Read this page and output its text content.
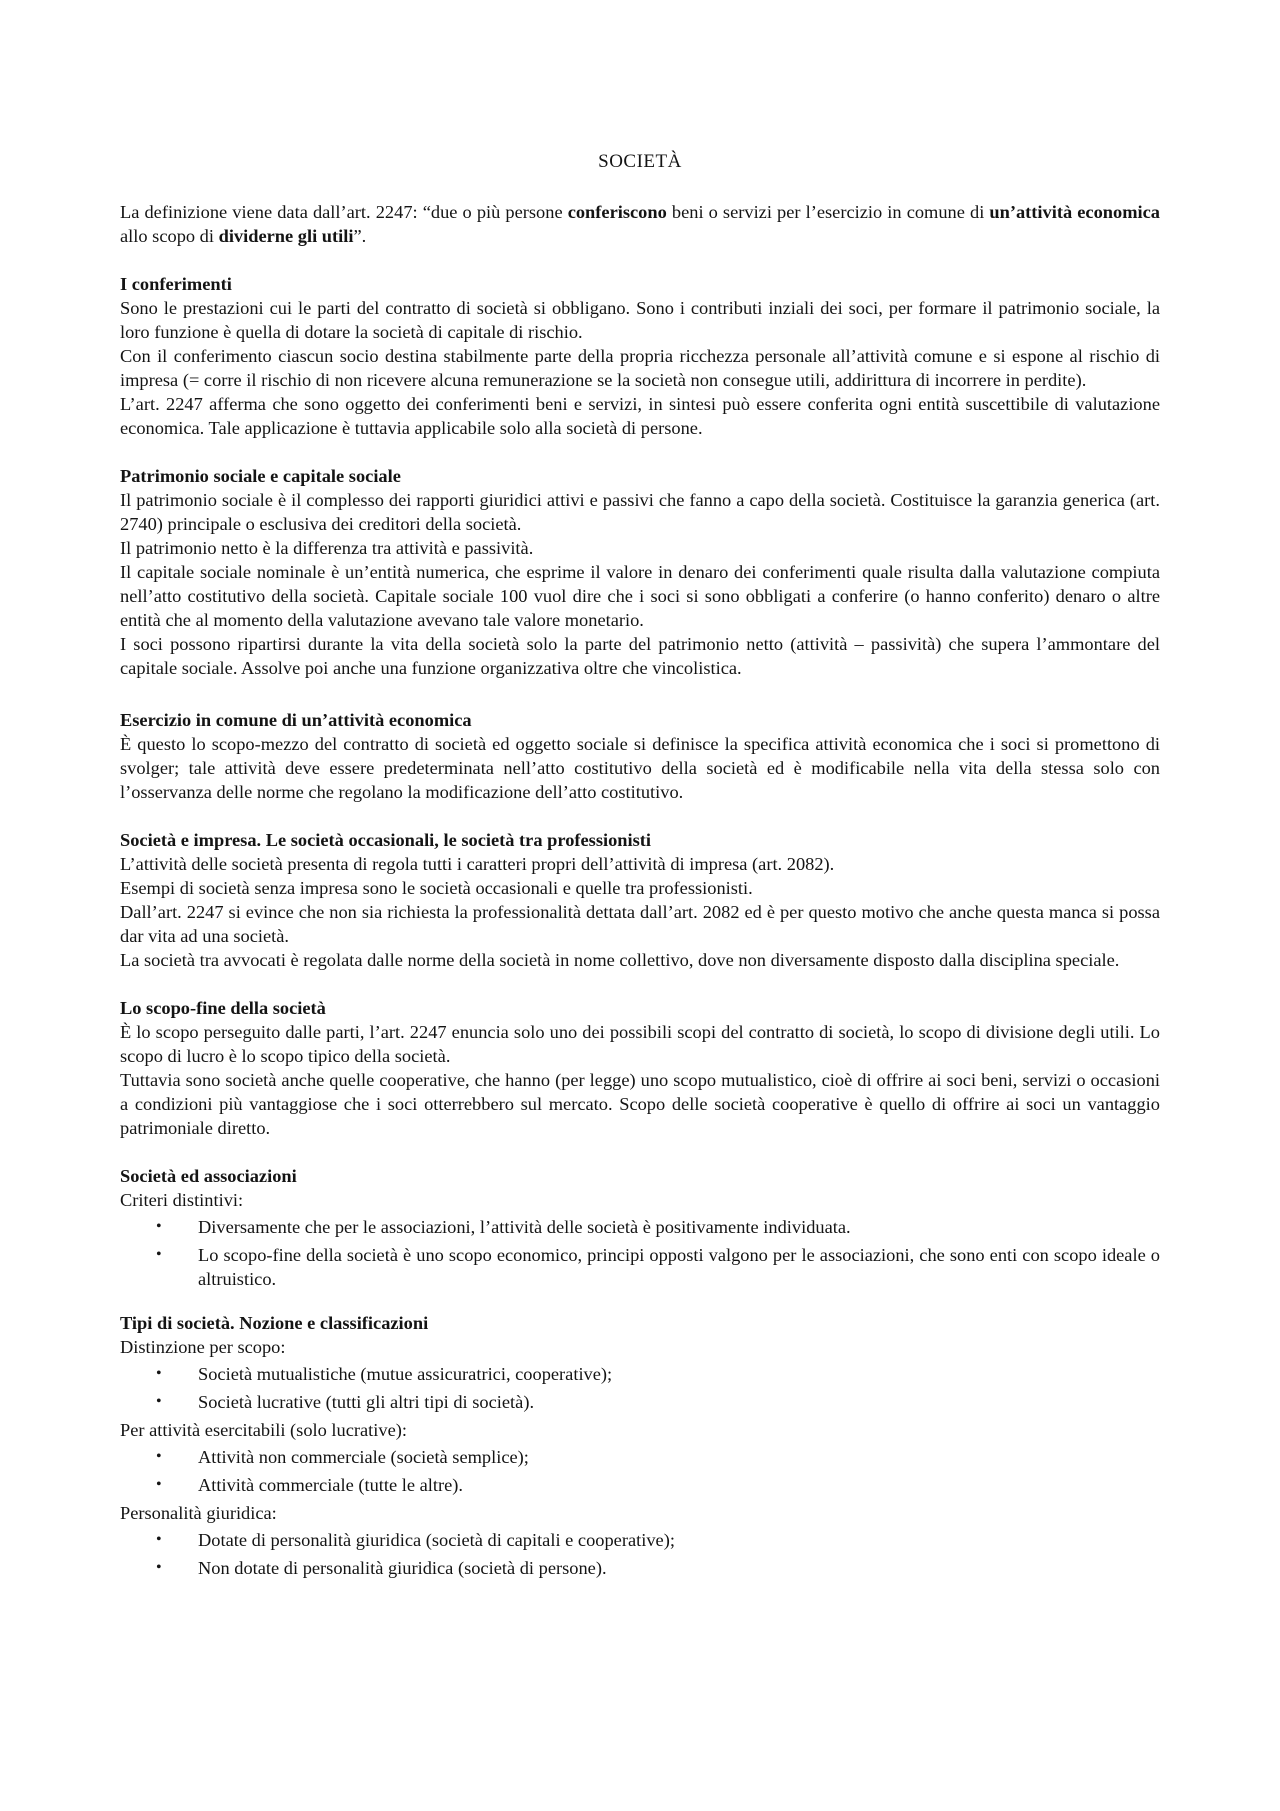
SOCIETÀ

La definizione viene data dall’art. 2247: “due o più persone conferiscono beni o servizi per l’esercizio in comune di un’attività economica allo scopo di dividerne gli utili”.

I conferimenti

Sono le prestazioni cui le parti del contratto di società si obbligano. Sono i contributi inziali dei soci, per formare il patrimonio sociale, la loro funzione è quella di dotare la società di capitale di rischio.

Con il conferimento ciascun socio destina stabilmente parte della propria ricchezza personale all’attività comune e si espone al rischio di impresa (= corre il rischio di non ricevere alcuna remunerazione se la società non consegue utili, addirittura di incorrere in perdite).

L’art. 2247 afferma che sono oggetto dei conferimenti beni e servizi, in sintesi può essere conferita ogni entità suscettibile di valutazione economica. Tale applicazione è tuttavia applicabile solo alla società di persone.

Patrimonio sociale e capitale sociale

Il patrimonio sociale è il complesso dei rapporti giuridici attivi e passivi che fanno a capo della società. Costituisce la garanzia generica (art. 2740) principale o esclusiva dei creditori della società.

Il patrimonio netto è la differenza tra attività e passività.

Il capitale sociale nominale è un’entità numerica, che esprime il valore in denaro dei conferimenti quale risulta dalla valutazione compiuta nell’atto costitutivo della società. Capitale sociale 100 vuol dire che i soci si sono obbligati a conferire (o hanno conferito) denaro o altre entità che al momento della valutazione avevano tale valore monetario.

I soci possono ripartirsi durante la vita della società solo la parte del patrimonio netto (attività – passività) che supera l’ammontare del capitale sociale. Assolve poi anche una funzione organizzativa oltre che vincolistica.

Esercizio in comune di un’attività economica

È questo lo scopo-mezzo del contratto di società ed oggetto sociale si definisce la specifica attività economica che i soci si promettono di svolger; tale attività deve essere predeterminata nell’atto costitutivo della società ed è modificabile nella vita della stessa solo con l’osservanza delle norme che regolano la modificazione dell’atto costitutivo.

Società e impresa. Le società occasionali, le società tra professionisti

L’attività delle società presenta di regola tutti i caratteri propri dell’attività di impresa (art. 2082).

Esempi di società senza impresa sono le società occasionali e quelle tra professionisti.

Dall’art. 2247 si evince che non sia richiesta la professionalità dettata dall’art. 2082 ed è per questo motivo che anche questa manca si possa dar vita ad una società.

La società tra avvocati è regolata dalle norme della società in nome collettivo, dove non diversamente disposto dalla disciplina speciale.

Lo scopo-fine della società

È lo scopo perseguito dalle parti, l’art. 2247 enuncia solo uno dei possibili scopi del contratto di società, lo scopo di divisione degli utili. Lo scopo di lucro è lo scopo tipico della società.

Tuttavia sono società anche quelle cooperative, che hanno (per legge) uno scopo mutualistico, cioè di offrire ai soci beni, servizi o occasioni a condizioni più vantaggiose che i soci otterrebbero sul mercato. Scopo delle società cooperative è quello di offrire ai soci un vantaggio patrimoniale diretto.

Società ed associazioni

Criteri distintivi:

• Diversamente che per le associazioni, l’attività delle società è positivamente individuata.
• Lo scopo-fine della società è uno scopo economico, principi opposti valgono per le associazioni, che sono enti con scopo ideale o altruistico.

Tipi di società. Nozione e classificazioni

Distinzione per scopo:

• Società mutualistiche (mutue assicuratrici, cooperative);
• Società lucrative (tutti gli altri tipi di società).

Per attività esercitabili (solo lucrative):

• Attività non commerciale (società semplice);
• Attività commerciale (tutte le altre).

Personalità giuridica:

• Dotate di personalità giuridica (società di capitali e cooperative);
• Non dotate di personalità giuridica (società di persone).
